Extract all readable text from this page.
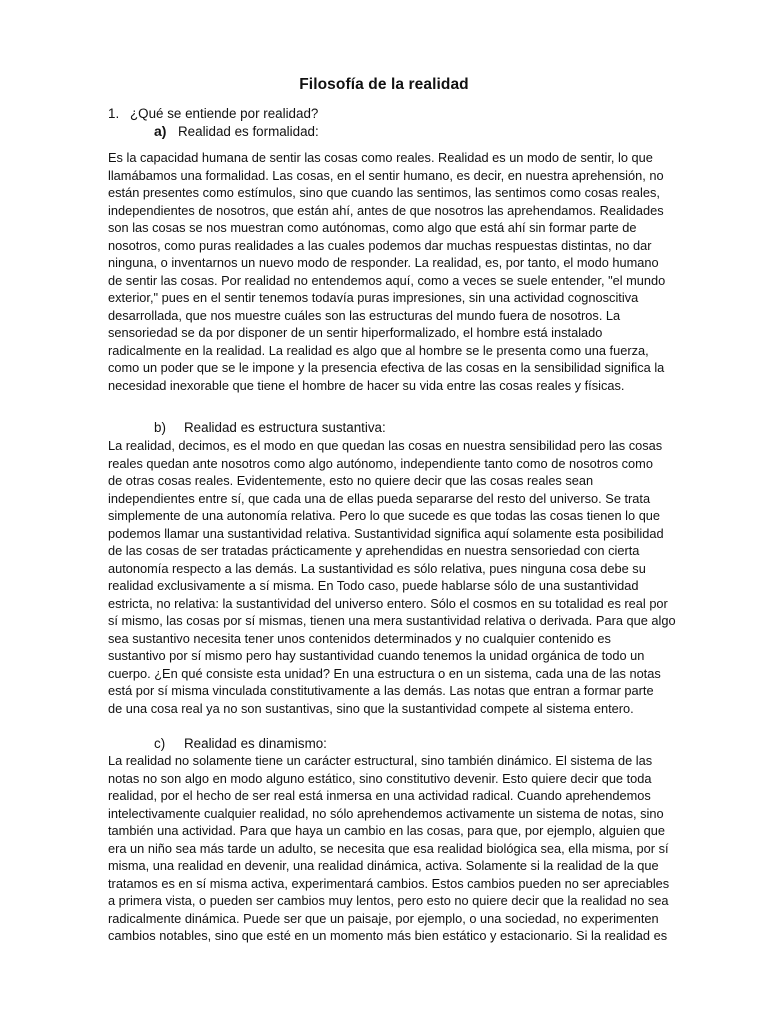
Filosofía de la realidad
1. ¿Qué se entiende por realidad?
a) Realidad es formalidad:

Es la capacidad humana de sentir las cosas como reales. Realidad es un modo de sentir, lo que
llamábamos una formalidad. Las cosas, en el sentir humano, es decir, en nuestra aprehensión, no
están presentes como estímulos, sino que cuando las sentimos, las sentimos como cosas reales,
independientes de nosotros, que están ahí, antes de que nosotros las aprehendamos. Realidades
son las cosas se nos muestran como autónomas, como algo que está ahí sin formar parte de
nosotros, como puras realidades a las cuales podemos dar muchas respuestas distintas, no dar
ninguna, o inventarnos un nuevo modo de responder. La realidad, es, por tanto, el modo humano
de sentir las cosas. Por realidad no entendemos aquí, como a veces se suele entender, "el mundo
exterior," pues en el sentir tenemos todavía puras impresiones, sin una actividad cognoscitiva
desarrollada, que nos muestre cuáles son las estructuras del mundo fuera de nosotros. La
sensoriedad se da por disponer de un sentir hiperformalizado, el hombre está instalado
radicalmente en la realidad. La realidad es algo que al hombre se le presenta como una fuerza,
como un poder que se le impone y la presencia efectiva de las cosas en la sensibilidad significa la
necesidad inexorable que tiene el hombre de hacer su vida entre las cosas reales y físicas.

b) Realidad es estructura sustantiva:

La realidad, decimos, es el modo en que quedan las cosas en nuestra sensibilidad pero las cosas
reales quedan ante nosotros como algo autónomo, independiente tanto como de nosotros como
de otras cosas reales. Evidentemente, esto no quiere decir que las cosas reales sean
independientes entre sí, que cada una de ellas pueda separarse del resto del universo. Se trata
simplemente de una autonomía relativa. Pero lo que sucede es que todas las cosas tienen lo que
podemos llamar una sustantividad relativa. Sustantividad significa aquí solamente esta posibilidad
de las cosas de ser tratadas prácticamente y aprehendidas en nuestra sensoriedad con cierta
autonomía respecto a las demás. La sustantividad es sólo relativa, pues ninguna cosa debe su
realidad exclusivamente a sí misma. En Todo caso, puede hablarse sólo de una sustantividad
estricta, no relativa: la sustantividad del universo entero. Sólo el cosmos en su totalidad es real por
sí mismo, las cosas por sí mismas, tienen una mera sustantividad relativa o derivada. Para que algo
sea sustantivo necesita tener unos contenidos determinados y no cualquier contenido es
sustantivo por sí mismo pero hay sustantividad cuando tenemos la unidad orgánica de todo un
cuerpo. ¿En qué consiste esta unidad? En una estructura o en un sistema, cada una de las notas
está por sí misma vinculada constitutivamente a las demás. Las notas que entran a formar parte
de una cosa real ya no son sustantivas, sino que la sustantividad compete al sistema entero.

c) Realidad es dinamismo:

La realidad no solamente tiene un carácter estructural, sino también dinámico. El sistema de las
notas no son algo en modo alguno estático, sino constitutivo devenir. Esto quiere decir que toda
realidad, por el hecho de ser real está inmersa en una actividad radical. Cuando aprehendemos
intelectivamente cualquier realidad, no sólo aprehendemos activamente un sistema de notas, sino
también una actividad. Para que haya un cambio en las cosas, para que, por ejemplo, alguien que
era un niño sea más tarde un adulto, se necesita que esa realidad biológica sea, ella misma, por sí
misma, una realidad en devenir, una realidad dinámica, activa. Solamente si la realidad de la que
tratamos es en sí misma activa, experimentará cambios. Estos cambios pueden no ser apreciables
a primera vista, o pueden ser cambios muy lentos, pero esto no quiere decir que la realidad no sea
radicalmente dinámica. Puede ser que un paisaje, por ejemplo, o una sociedad, no experimenten
cambios notables, sino que esté en un momento más bien estático y estacionario. Si la realidad es
